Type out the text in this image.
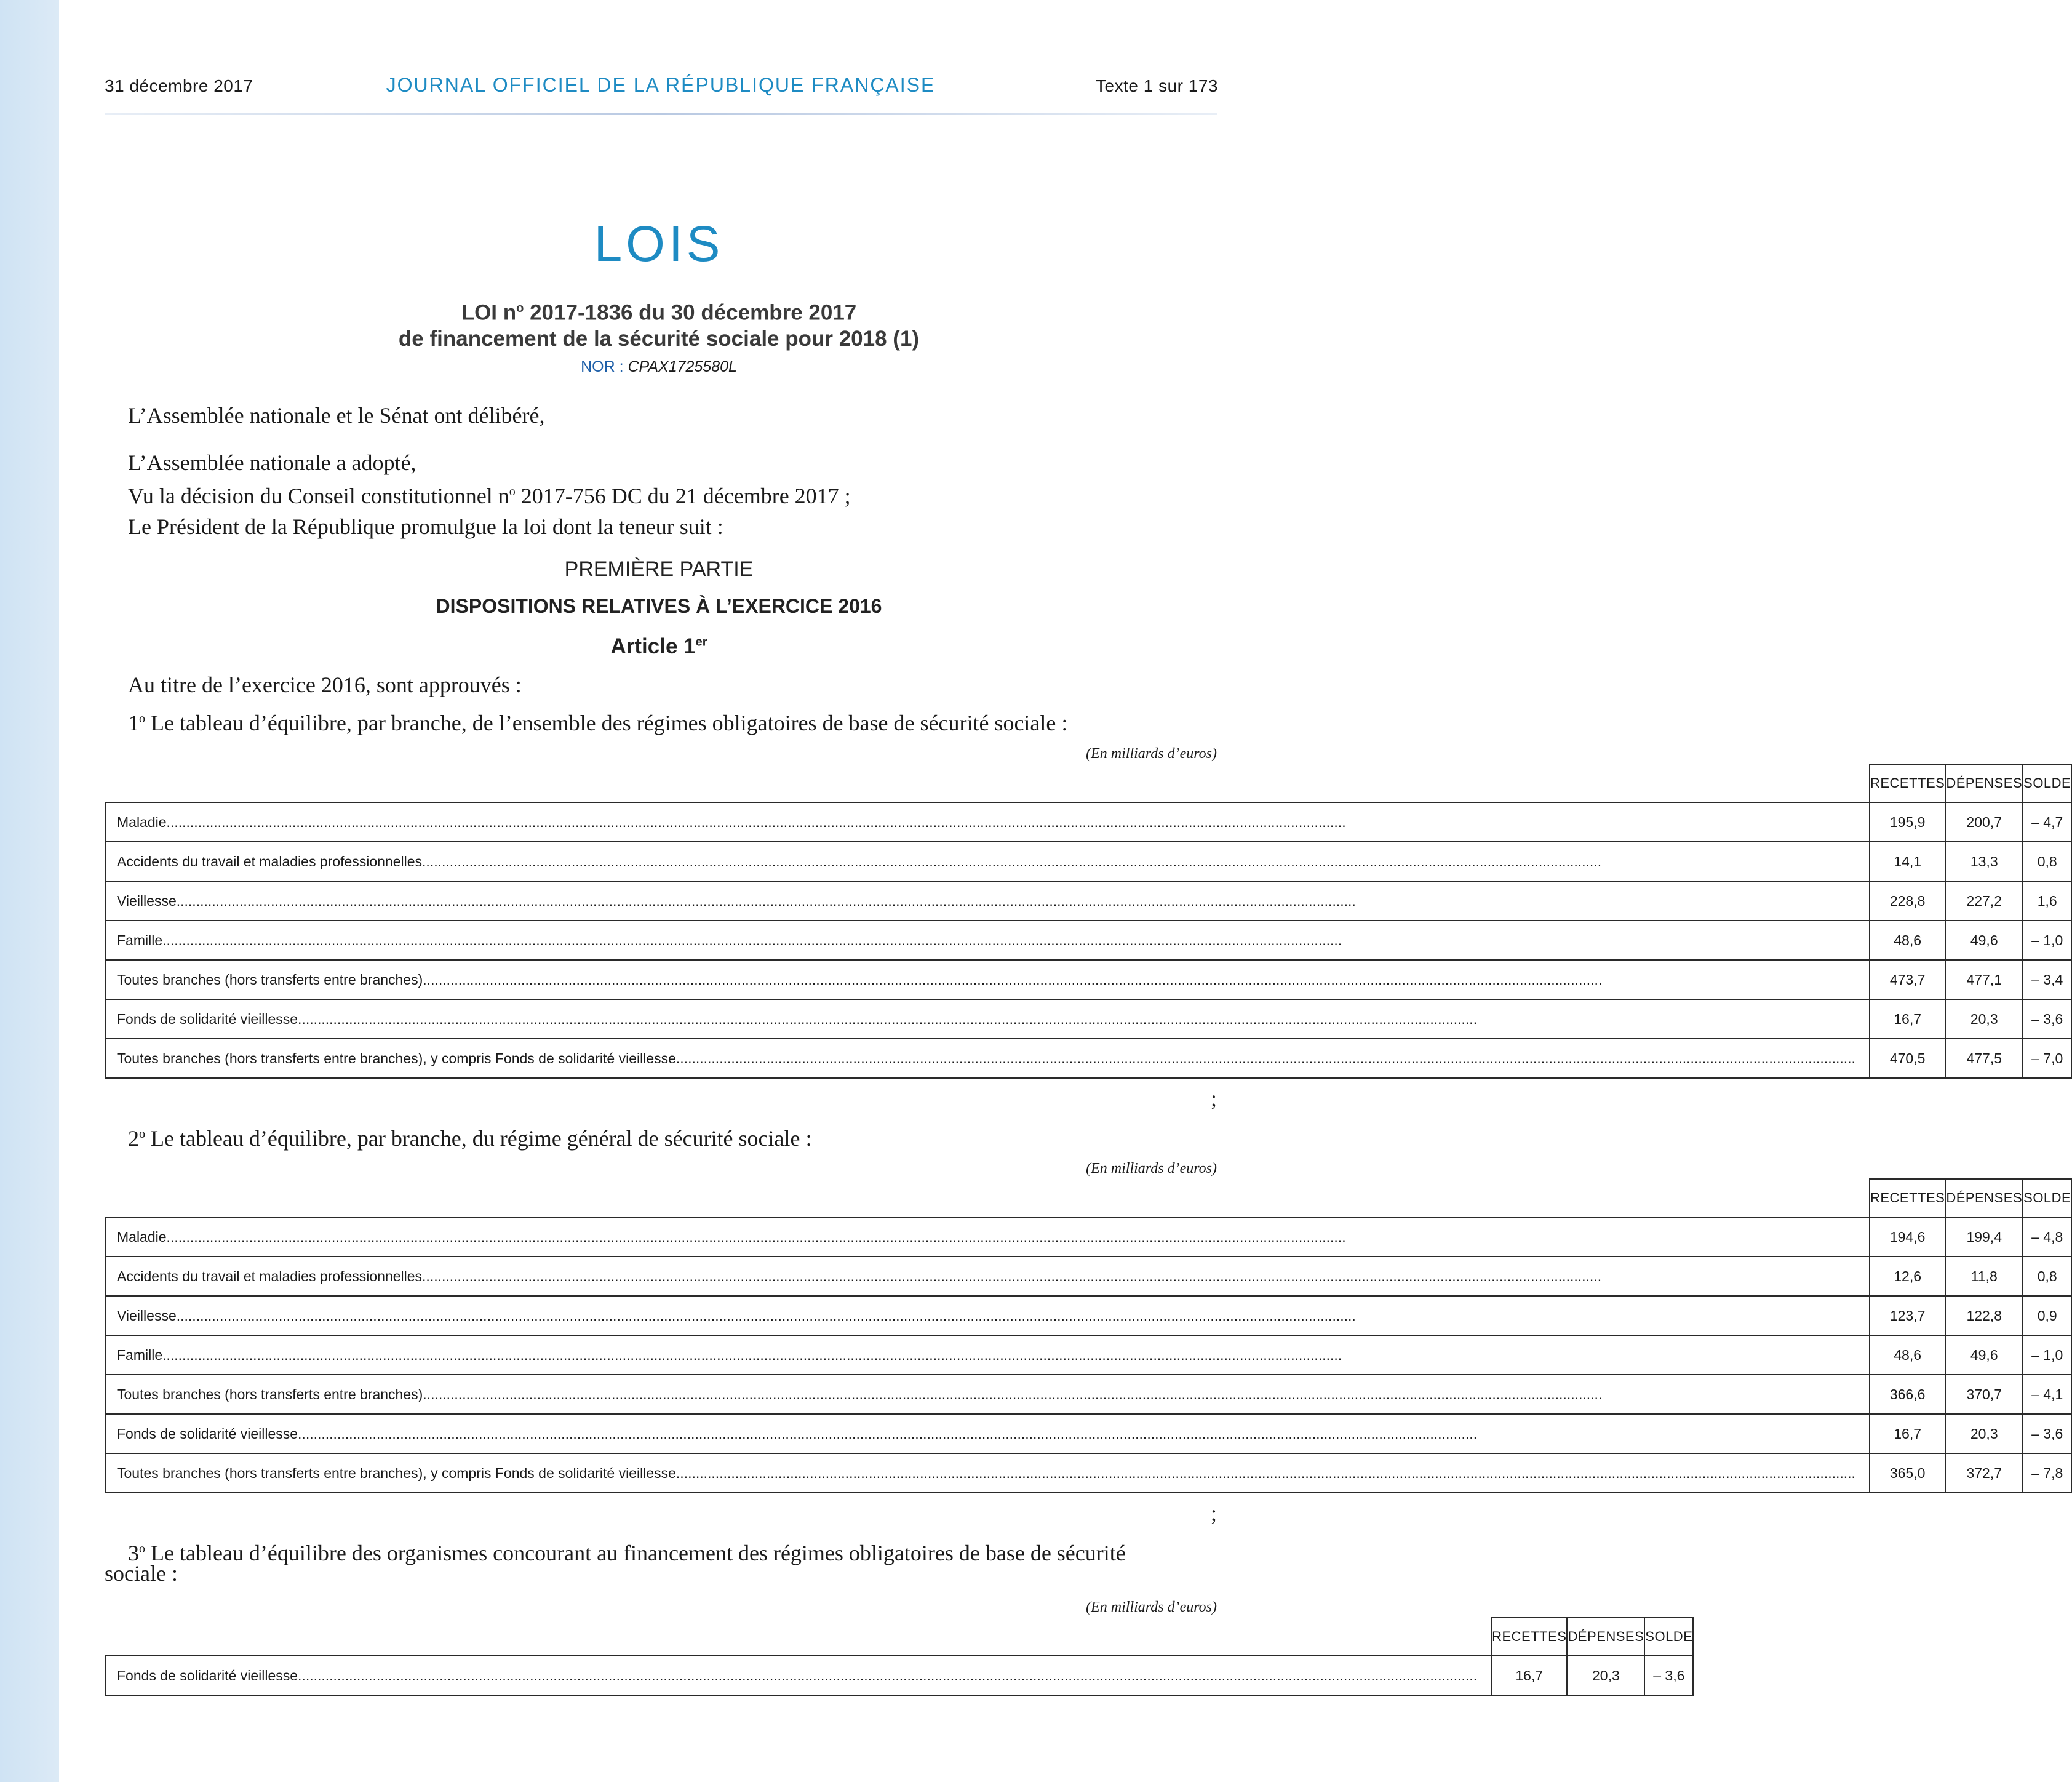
31 décembre 2017	JOURNAL OFFICIEL DE LA RÉPUBLIQUE FRANÇAISE	Texte 1 sur 173
LOIS
LOI $n^o$ 2017-1836 du 30 décembre 2017
de financement de la sécurité sociale pour 2018 (1)
NOR : CPAX1725580L
L’Assemblée nationale et le Sénat ont délibéré,
L’Assemblée nationale a adopté,
Vu la décision du Conseil constitutionnel $n^o$ 2017-756 DC du 21 décembre 2017 ;
Le Président de la République promulgue la loi dont la teneur suit :
PREMIÈRE PARTIE
DISPOSITIONS RELATIVES À L’EXERCICE 2016
Article 1er
Au titre de l’exercice 2016, sont approuvés :
1$^o$ Le tableau d’équilibre, par branche, de l’ensemble des régimes obligatoires de base de sécurité sociale :
(En milliards d’euros)
	RECETTES	DÉPENSES	SOLDE
Maladie............................................................................................................................................................................................................................................................................................................	195,9	200,7	– 4,7
Accidents du travail et maladies professionnelles............................................................................................................................................................................................................................................................................................................	14,1	13,3	0,8
Vieillesse............................................................................................................................................................................................................................................................................................................	228,8	227,2	1,6
Famille............................................................................................................................................................................................................................................................................................................	48,6	49,6	– 1,0
Toutes branches (hors transferts entre branches)............................................................................................................................................................................................................................................................................................................	473,7	477,1	– 3,4
Fonds de solidarité vieillesse............................................................................................................................................................................................................................................................................................................	16,7	20,3	– 3,6
Toutes branches (hors transferts entre branches), y compris Fonds de solidarité vieillesse............................................................................................................................................................................................................................................................................................................	470,5	477,5	– 7,0
;
2$^o$ Le tableau d’équilibre, par branche, du régime général de sécurité sociale :
(En milliards d’euros)
	RECETTES	DÉPENSES	SOLDE
Maladie............................................................................................................................................................................................................................................................................................................	194,6	199,4	– 4,8
Accidents du travail et maladies professionnelles............................................................................................................................................................................................................................................................................................................	12,6	11,8	0,8
Vieillesse............................................................................................................................................................................................................................................................................................................	123,7	122,8	0,9
Famille............................................................................................................................................................................................................................................................................................................	48,6	49,6	– 1,0
Toutes branches (hors transferts entre branches)............................................................................................................................................................................................................................................................................................................	366,6	370,7	– 4,1
Fonds de solidarité vieillesse............................................................................................................................................................................................................................................................................................................	16,7	20,3	– 3,6
Toutes branches (hors transferts entre branches), y compris Fonds de solidarité vieillesse............................................................................................................................................................................................................................................................................................................	365,0	372,7	– 7,8
;
3$^o$ Le tableau d’équilibre des organismes concourant au financement des régimes obligatoires de base de sécurité
sociale :
(En milliards d’euros)
	RECETTES	DÉPENSES	SOLDE
Fonds de solidarité vieillesse............................................................................................................................................................................................................................................................................................................	16,7	20,3	– 3,6
